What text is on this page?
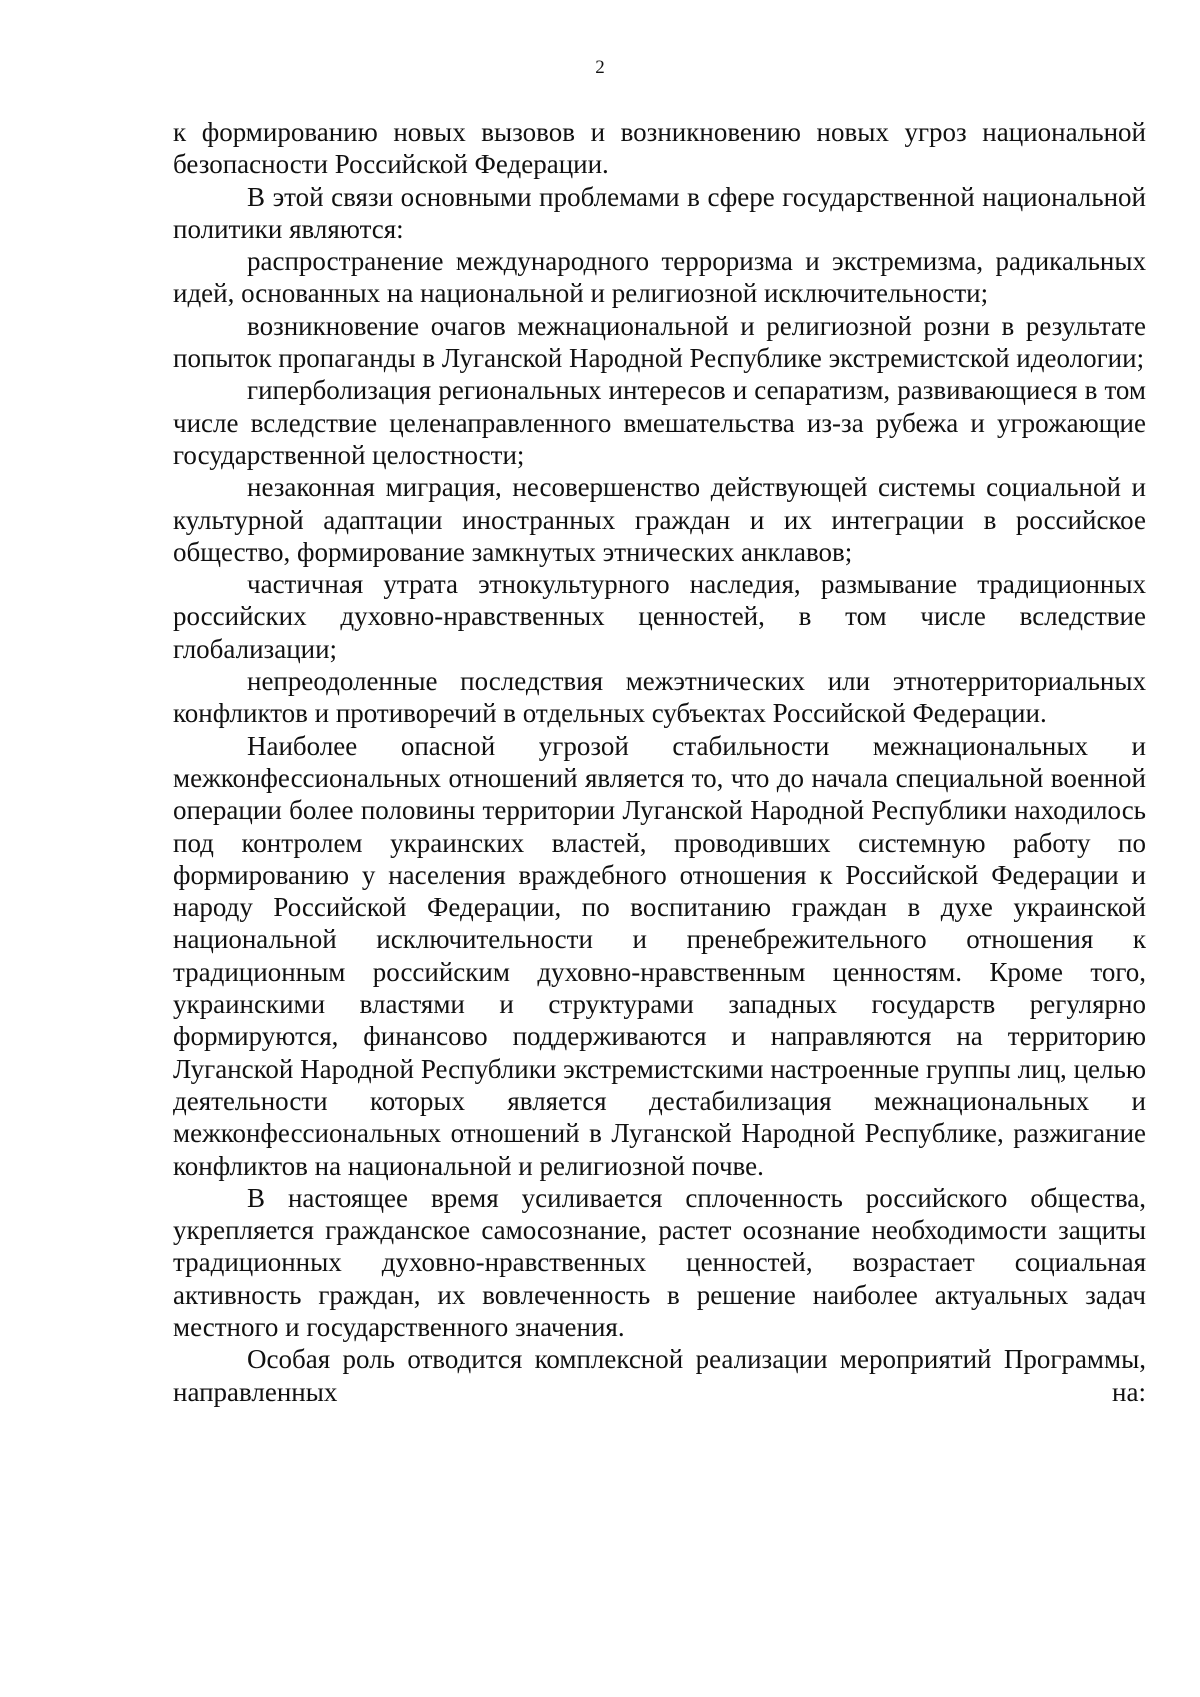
2

к формированию новых вызовов и возникновению новых угроз национальной безопасности Российской Федерации.

В этой связи основными проблемами в сфере государственной национальной политики являются:

распространение международного терроризма и экстремизма, радикальных идей, основанных на национальной и религиозной исключительности;

возникновение очагов межнациональной и религиозной розни в результате попыток пропаганды в Луганской Народной Республике экстремистской идеологии;

гиперболизация региональных интересов и сепаратизм, развивающиеся в том числе вследствие целенаправленного вмешательства из-за рубежа и угрожающие государственной целостности;

незаконная миграция, несовершенство действующей системы социальной и культурной адаптации иностранных граждан и их интеграции в российское общество, формирование замкнутых этнических анклавов;

частичная утрата этнокультурного наследия, размывание традиционных российских духовно-нравственных ценностей, в том числе вследствие глобализации;

непреодоленные последствия межэтнических или этнотерриториальных конфликтов и противоречий в отдельных субъектах Российской Федерации.

Наиболее опасной угрозой стабильности межнациональных и межконфессиональных отношений является то, что до начала специальной военной операции более половины территории Луганской Народной Республики находилось под контролем украинских властей, проводивших системную работу по формированию у населения враждебного отношения к Российской Федерации и народу Российской Федерации, по воспитанию граждан в духе украинской национальной исключительности и пренебрежительного отношения к традиционным российским духовно-нравственным ценностям. Кроме того, украинскими властями и структурами западных государств регулярно формируются, финансово поддерживаются и направляются на территорию Луганской Народной Республики экстремистскими настроенные группы лиц, целью деятельности которых является дестабилизация межнациональных и межконфессиональных отношений в Луганской Народной Республике, разжигание конфликтов на национальной и религиозной почве.

В настоящее время усиливается сплоченность российского общества, укрепляется гражданское самосознание, растет осознание необходимости защиты традиционных духовно-нравственных ценностей, возрастает социальная активность граждан, их вовлеченность в решение наиболее актуальных задач местного и государственного значения.

Особая роль отводится комплексной реализации мероприятий Программы, направленных на:
